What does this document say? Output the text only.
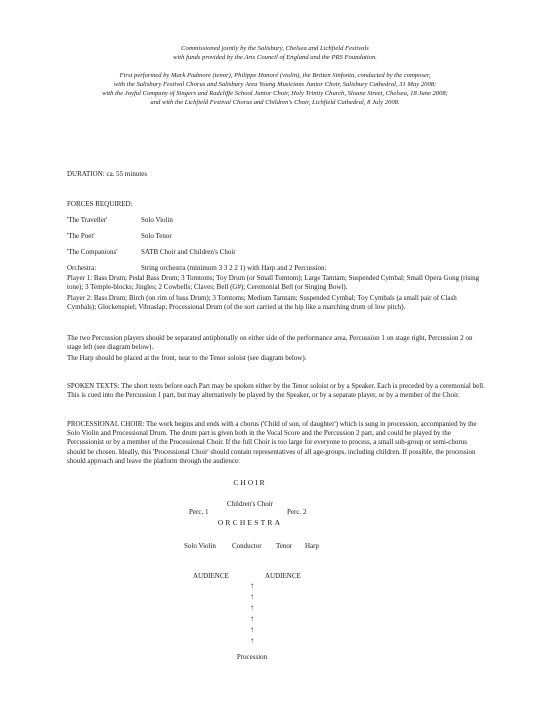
Commissioned jointly by the Salisbury, Chelsea and Lichfield Festivals

with funds provided by the Arts Council of England and the PRS Foundation.

First performed by Mark Padmore (tenor), Philippe Honoré (violin), the Britten Sinfonia, conducted by the composer,

with the Salisbury Festival Chorus and Salisbury Area Young Musicians Junior Choir, Salisbury Cathedral, 31 May 2008;

with the Joyful Company of Singers and Radcliffe School Junior Choir, Holy Trinity Church, Sloane Street, Chelsea, 18 June 2008;

and with the Lichfield Festival Chorus and Children's Choir, Lichfield Cathedral, 8 July 2008.

DURATION: ca. 55 minutes
FORCES REQUIRED:
'The Traveller'	Solo Violin
'The Poet'	Solo Tenor
'The Companions'	SATB Choir and Children's Choir
Orchestra:	String orchestra (minimum 3 3 2 2 1) with Harp and 2 Percussion:
Player 1: Bass Drum; Pedal Bass Drum; 3 Tomtoms; Toy Drum (or Small Tomtom); Large Tamtam; Suspended Cymbal; Small Opera Gong (rising tone); 3 Temple-blocks; Jingles; 2 Cowbells; Claves; Bell (G#); Ceremonial Bell (or Singing Bowl).
Player 2: Bass Drum; Birch (on rim of bass Drum); 3 Tomtoms; Medium Tamtam; Suspended Cymbal; Toy Cymbals (a small pair of Clash Cymbals); Glockenspiel; Vibraslap; Processional Drum (of the sort carried at the hip like a marching drum of low pitch).
The two Percussion players should be separated antiphonally on either side of the performance area, Percussion 1 on stage right, Percussion 2 on stage left (see diagram below).
The Harp should be placed at the front, near to the Tenor soloist (see diagram below).
SPOKEN TEXTS: The short texts before each Part may be spoken either by the Tenor soloist or by a Speaker. Each is preceded by a ceremonial bell. This is cued into the Percussion 1 part, but may alternatively be played by the Speaker, or by a separate player, or by a member of the Choir.
PROCESSIONAL CHOIR: The work begins and ends with a chorus ('Child of son, of daughter') which is sung in procession, accompanied by the Solo Violin and Processional Drum. The drum part is given both in the Vocal Score and the Percussion 2 part, and could be played by the Percussionist or by a member of the Processional Choir. If the full Choir is too large for everyone to process, a small sub-group or semi-chorus should be chosen. Ideally, this 'Processional Choir' should contain representatives of all age-groups, including children. If possible, the procession should approach and leave the platform through the audience:
CHOIR
Children's Choir
Perc. 1	Perc. 2
ORCHESTRA
Solo Violin Conductor Tenor Harp
AUDIENCE	AUDIENCE
↑
↑
↑
↑
↑
↑
Procession
